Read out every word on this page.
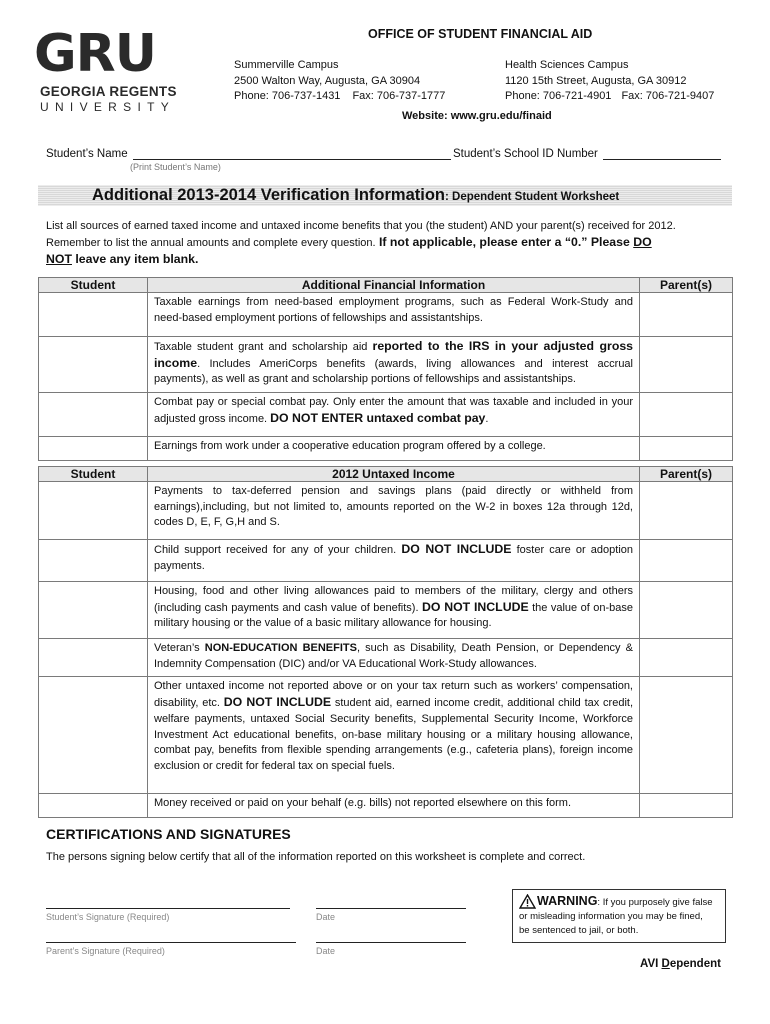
GRU
GEORGIA REGENTS
UNIVERSITY
OFFICE OF STUDENT FINANCIAL AID
Summerville Campus
2500 Walton Way, Augusta, GA 30904
Phone: 706-737-1431 Fax: 706-737-1777
Health Sciences Campus
1120 15th Street, Augusta, GA 30912
Phone: 706-721-4901 Fax: 706-721-9407
Website: www.gru.edu/finaid
Student’s Name
(Print Student’s Name)
Student’s School ID Number
Additional 2013-2014 Verification Information: Dependent Student Worksheet
List all sources of earned taxed income and untaxed income benefits that you (the student) AND your parent(s) received for 2012.
Remember to list the annual amounts and complete every question. If not applicable, please enter a “0.” Please DO
NOT leave any item blank.
Student	Additional Financial Information	Parent(s)
	Taxable earnings from need-based employment programs, such as Federal Work-Study and need-based employment portions of fellowships and assistantships.	
	Taxable student grant and scholarship aid reported to the IRS in your adjusted gross income. Includes AmeriCorps benefits (awards, living allowances and interest accrual payments), as well as grant and scholarship portions of fellowships and assistantships.	
	Combat pay or special combat pay. Only enter the amount that was taxable and included in your adjusted gross income. DO NOT ENTER untaxed combat pay.	
	Earnings from work under a cooperative education program offered by a college.	
Student	2012 Untaxed Income	Parent(s)
	Payments to tax-deferred pension and savings plans (paid directly or withheld from earnings),including, but not limited to, amounts reported on the W-2 in boxes 12a through 12d, codes D, E, F, G,H and S.	
	Child support received for any of your children. DO NOT INCLUDE foster care or adoption payments.	
	Housing, food and other living allowances paid to members of the military, clergy and others (including cash payments and cash value of benefits). DO NOT INCLUDE the value of on-base military housing or the value of a basic military allowance for housing.	
	Veteran’s NON-EDUCATION BENEFITS, such as Disability, Death Pension, or Dependency & Indemnity Compensation (DIC) and/or VA Educational Work-Study allowances.	
	Other untaxed income not reported above or on your tax return such as workers’ compensation, disability, etc. DO NOT INCLUDE student aid, earned income credit, additional child tax credit, welfare payments, untaxed Social Security benefits, Supplemental Security Income, Workforce Investment Act educational benefits, on-base military housing or a military housing allowance, combat pay, benefits from flexible spending arrangements (e.g., cafeteria plans), foreign income exclusion or credit for federal tax on special fuels.	
	Money received or paid on your behalf (e.g. bills) not reported elsewhere on this form.	
CERTIFICATIONS AND SIGNATURES
The persons signing below certify that all of the information reported on this worksheet is complete and correct.
Student’s Signature (Required)	Date
Parent’s Signature (Required)	Date
WARNING: If you purposely give false
or misleading information you may be fined,
be sentenced to jail, or both.
AVI Dependent
